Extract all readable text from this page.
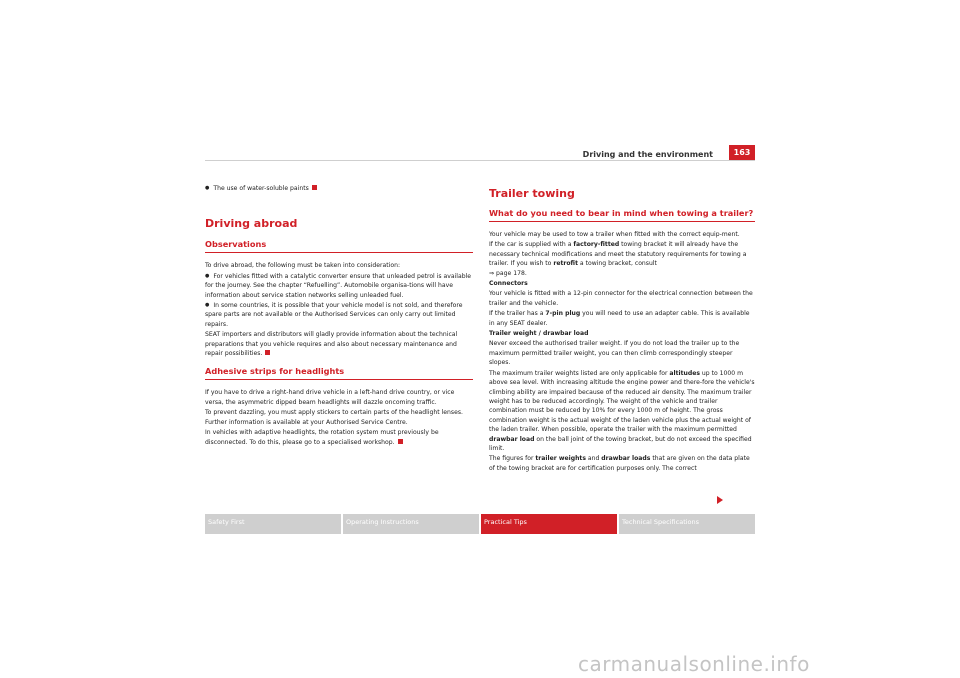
Driving and the environment	163

● The use of water-soluble paints

Driving abroad
Observations

To drive abroad, the following must be taken into consideration:

● For vehicles fitted with a catalytic converter ensure that unleaded petrol is available for the journey. See the chapter “Refuelling”. Automobile organisa-tions will have information about service station networks selling unleaded fuel.

● In some countries, it is possible that your vehicle model is not sold, and therefore spare parts are not available or the Authorised Services can only carry out limited repairs.

SEAT importers and distributors will gladly provide information about the technical preparations that you vehicle requires and also about necessary maintenance and repair possibilities.

Adhesive strips for headlights

If you have to drive a right-hand drive vehicle in a left-hand drive country, or vice versa, the asymmetric dipped beam headlights will dazzle oncoming traffic.

To prevent dazzling, you must apply stickers to certain parts of the headlight lenses. Further information is available at your Authorised Service Centre.

In vehicles with adaptive headlights, the rotation system must previously be disconnected. To do this, please go to a specialised workshop.

Trailer towing
What do you need to bear in mind when towing a trailer?

Your vehicle may be used to tow a trailer when fitted with the correct equip-ment.

If the car is supplied with a factory-fitted towing bracket it will already have the necessary technical modifications and meet the statutory requirements for towing a trailer. If you wish to retrofit a towing bracket, consult
⇒ page 178.

Connectors

Your vehicle is fitted with a 12-pin connector for the electrical connection between the trailer and the vehicle.

If the trailer has a 7-pin plug you will need to use an adapter cable. This is available in any SEAT dealer.

Trailer weight / drawbar load

Never exceed the authorised trailer weight. If you do not load the trailer up to the maximum permitted trailer weight, you can then climb correspondingly steeper slopes.

The maximum trailer weights listed are only applicable for altitudes up to 1000 m above sea level. With increasing altitude the engine power and there-fore the vehicle's climbing ability are impaired because of the reduced air density. The maximum trailer weight has to be reduced accordingly. The weight of the vehicle and trailer combination must be reduced by 10% for every 1000 m of height. The gross combination weight is the actual weight of the laden vehicle plus the actual weight of the laden trailer. When possible, operate the trailer with the maximum permitted drawbar load on the ball joint of the towing bracket, but do not exceed the specified limit.

The figures for trailer weights and drawbar loads that are given on the data plate of the towing bracket are for certification purposes only. The correct

Safety First	Operating Instructions	Practical Tips	Technical Specifications
carmanualsonline.info
